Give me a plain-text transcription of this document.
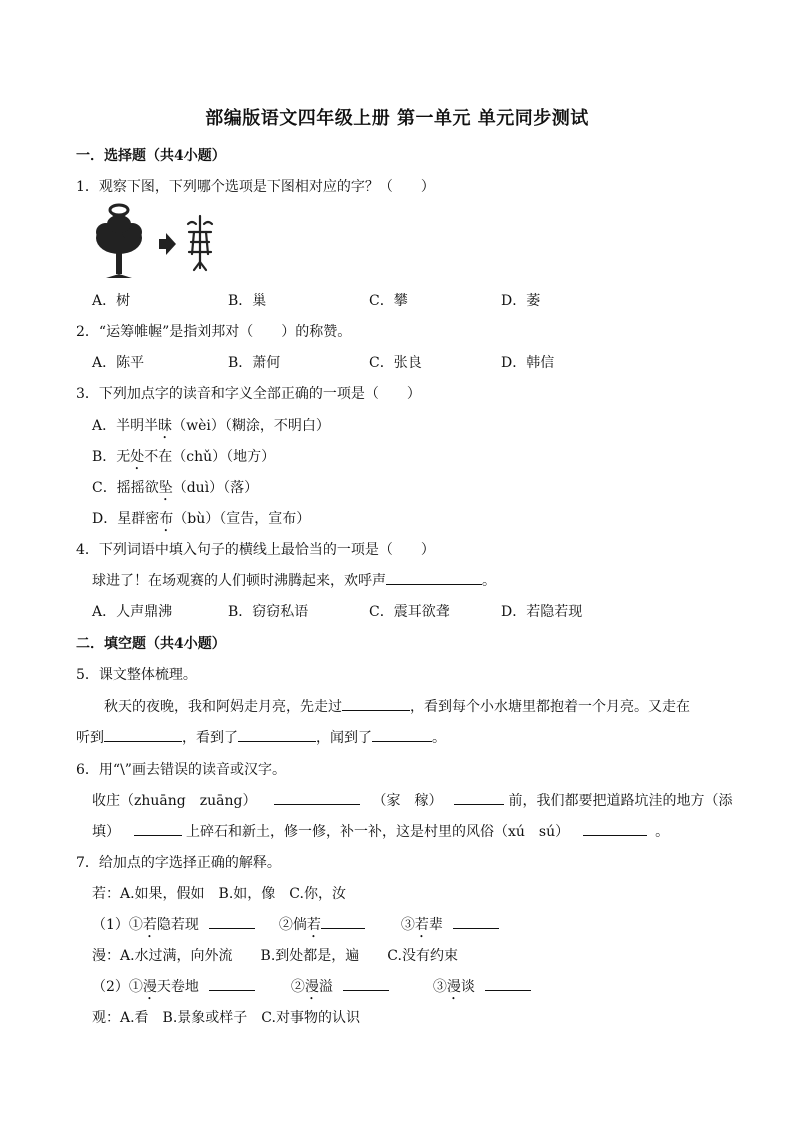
部编版语文四年级上册 第一单元 单元同步测试
一．选择题（共4小题）
1．观察下图，下列哪个选项是下图相对应的字？（　　）
A．树	B．巢	C．攀	D．萎
2．“运筹帷幄”是指刘邦对（　　）的称赞。
A．陈平	B．萧何	C．张良	D．韩信
3．下列加点字的读音和字义全部正确的一项是（　　）
A．半明半昧（wèi）（糊涂，不明白）
B．无处不在（chǔ）（地方）
C．摇摇欲坠（duì）（落）
D．星群密布（bù）（宣告，宣布）
4．下列词语中填入句子的横线上最恰当的一项是（　　）
球进了！在场观赛的人们顿时沸腾起来，欢呼声	。
A．人声鼎沸	B．窃窃私语	C．震耳欲聋	D．若隐若现
二．填空题（共4小题）
5．课文整体梳理。
秋天的夜晚，我和阿妈走月亮，先走过	，看到每个小水塘里都抱着一个月亮。又走在
听到	，看到了	，闻到了	。
6．用“\”画去错误的读音或汉字。
收庄（zhuāng　zuāng）	（家　稼）	前，我们都要把道路坑洼的地方（添
填）	上碎石和新土，修一修，补一补，这是村里的风俗（xú　sú）	。
7．给加点的字选择正确的解释。
若：A.如果，假如　B.如，像　C.你，汝
（1）①若隐若现	②倘若	③若辈
漫：A.水过满，向外流　　B.到处都是，遍　　C.没有约束
（2）①漫天卷地	②漫溢	③漫谈
观：A.看　B.景象或样子　C.对事物的认识
